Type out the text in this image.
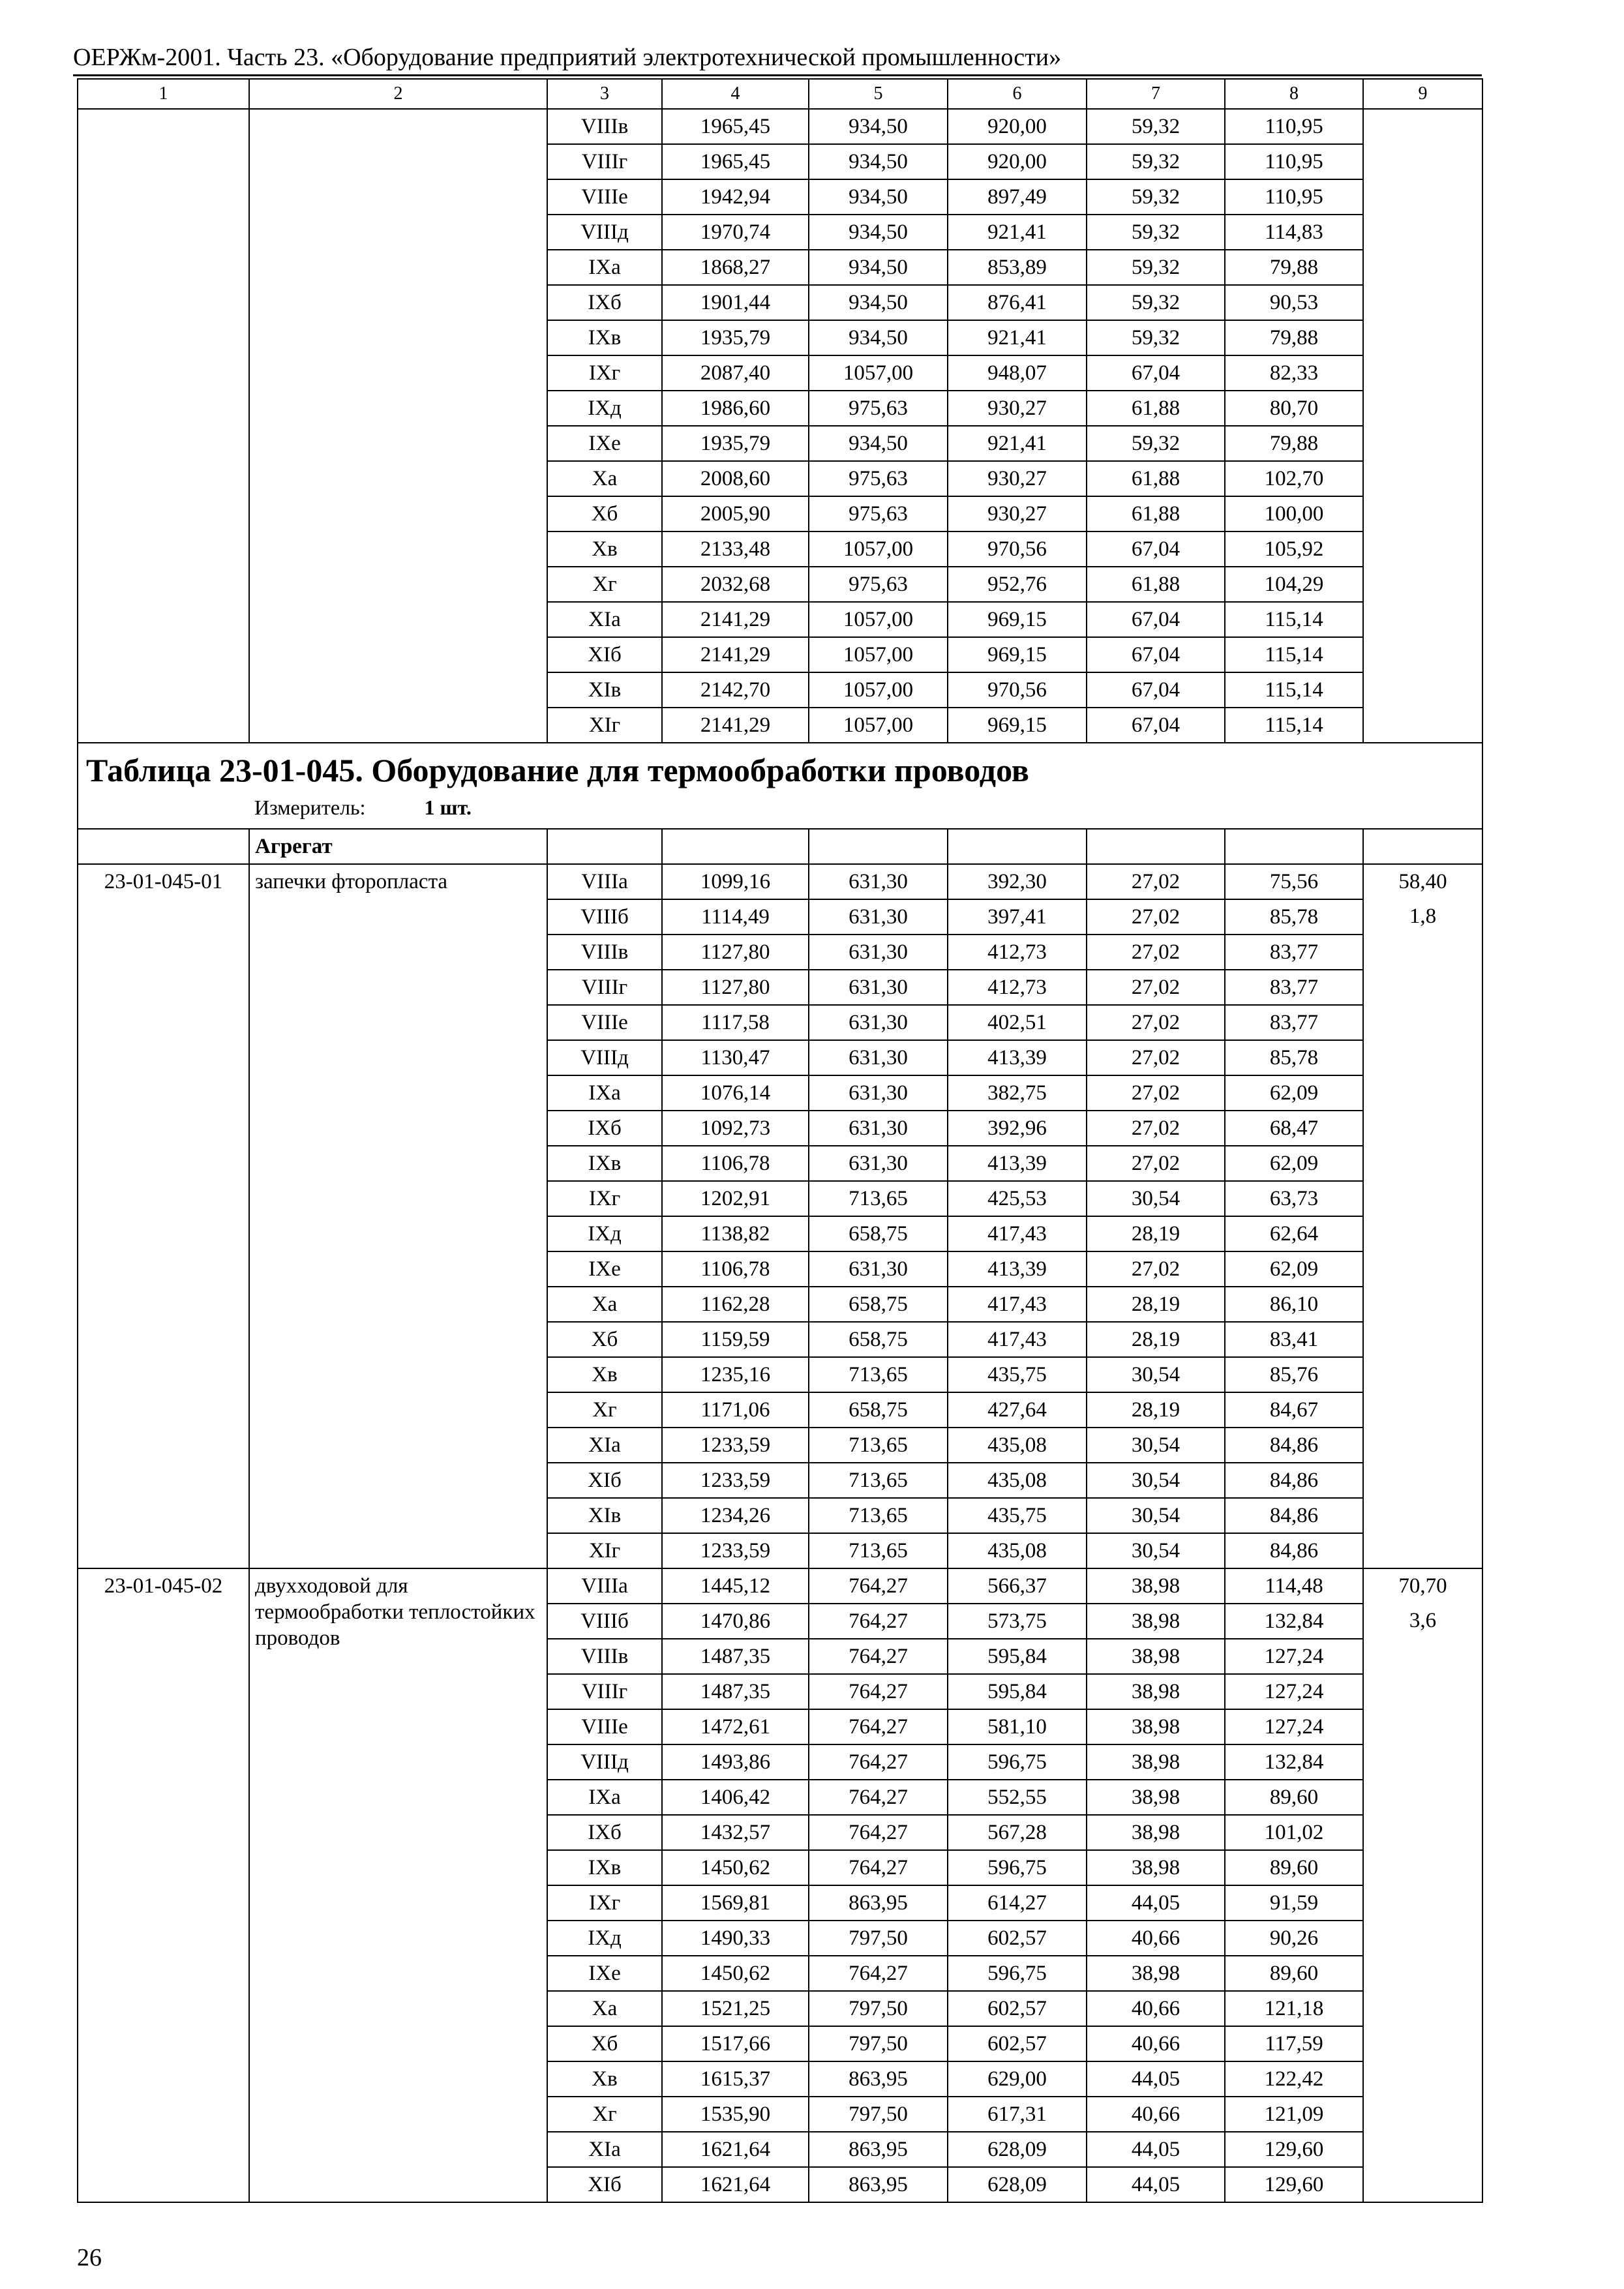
ОЕРЖм-2001. Часть 23. «Оборудование предприятий электротехнической промышленности»
1	2	3	4	5	6	7	8	9
		VIIIв	1965,45	934,50	920,00	59,32	110,95	
		VIIIг	1965,45	934,50	920,00	59,32	110,95	
		VIIIе	1942,94	934,50	897,49	59,32	110,95	
		VIIIд	1970,74	934,50	921,41	59,32	114,83	
		IXа	1868,27	934,50	853,89	59,32	79,88	
		IXб	1901,44	934,50	876,41	59,32	90,53	
		IXв	1935,79	934,50	921,41	59,32	79,88	
		IXг	2087,40	1057,00	948,07	67,04	82,33	
		IXд	1986,60	975,63	930,27	61,88	80,70	
		IXе	1935,79	934,50	921,41	59,32	79,88	
		Xа	2008,60	975,63	930,27	61,88	102,70	
		Xб	2005,90	975,63	930,27	61,88	100,00	
		Xв	2133,48	1057,00	970,56	67,04	105,92	
		Xг	2032,68	975,63	952,76	61,88	104,29	
		XIа	2141,29	1057,00	969,15	67,04	115,14	
		XIб	2141,29	1057,00	969,15	67,04	115,14	
		XIв	2142,70	1057,00	970,56	67,04	115,14	
		XIг	2141,29	1057,00	969,15	67,04	115,14	

Таблица 23-01-045. Оборудование для термообработки проводов
Измеритель: 1 шт.								

	Агрегат							
23-01-045-01	запечки фторопласта	VIIIа	1099,16	631,30	392,30	27,02	75,56	58,40
		VIIIб	1114,49	631,30	397,41	27,02	85,78	1,8
		VIIIв	1127,80	631,30	412,73	27,02	83,77	
		VIIIг	1127,80	631,30	412,73	27,02	83,77	
		VIIIе	1117,58	631,30	402,51	27,02	83,77	
		VIIIд	1130,47	631,30	413,39	27,02	85,78	
		IXа	1076,14	631,30	382,75	27,02	62,09	
		IXб	1092,73	631,30	392,96	27,02	68,47	
		IXв	1106,78	631,30	413,39	27,02	62,09	
		IXг	1202,91	713,65	425,53	30,54	63,73	
		IXд	1138,82	658,75	417,43	28,19	62,64	
		IXе	1106,78	631,30	413,39	27,02	62,09	
		Xа	1162,28	658,75	417,43	28,19	86,10	
		Xб	1159,59	658,75	417,43	28,19	83,41	
		Xв	1235,16	713,65	435,75	30,54	85,76	
		Xг	1171,06	658,75	427,64	28,19	84,67	
		XIа	1233,59	713,65	435,08	30,54	84,86	
		XIб	1233,59	713,65	435,08	30,54	84,86	
		XIв	1234,26	713,65	435,75	30,54	84,86	
		XIг	1233,59	713,65	435,08	30,54	84,86	
23-01-045-02	двухходовой для термообработки теплостойких проводов	VIIIа	1445,12	764,27	566,37	38,98	114,48	70,70
		VIIIб	1470,86	764,27	573,75	38,98	132,84	3,6
		VIIIв	1487,35	764,27	595,84	38,98	127,24	
		VIIIг	1487,35	764,27	595,84	38,98	127,24	
		VIIIе	1472,61	764,27	581,10	38,98	127,24	
		VIIIд	1493,86	764,27	596,75	38,98	132,84	
		IXа	1406,42	764,27	552,55	38,98	89,60	
		IXб	1432,57	764,27	567,28	38,98	101,02	
		IXв	1450,62	764,27	596,75	38,98	89,60	
		IXг	1569,81	863,95	614,27	44,05	91,59	
		IXд	1490,33	797,50	602,57	40,66	90,26	
		IXе	1450,62	764,27	596,75	38,98	89,60	
		Xа	1521,25	797,50	602,57	40,66	121,18	
		Xб	1517,66	797,50	602,57	40,66	117,59	
		Xв	1615,37	863,95	629,00	44,05	122,42	
		Xг	1535,90	797,50	617,31	40,66	121,09	
		XIа	1621,64	863,95	628,09	44,05	129,60	
		XIб	1621,64	863,95	628,09	44,05	129,60	
26
